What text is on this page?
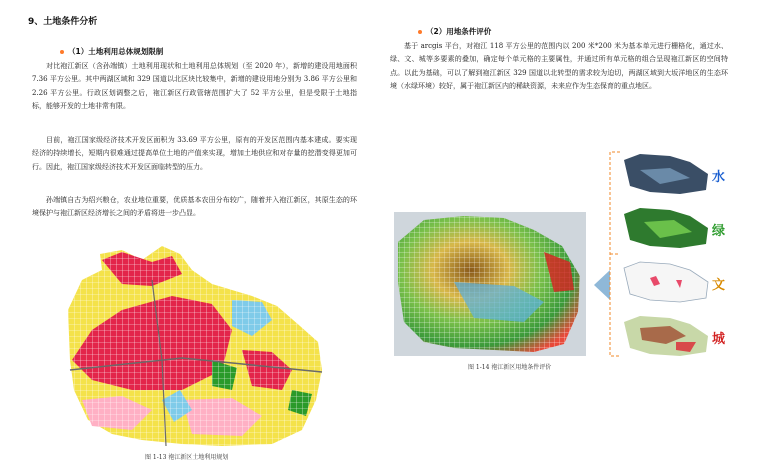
9、土地条件分析
（1）土地利用总体规划限制
对比袍江新区（含孙端镇）土地利用现状和土地利用总体规划（至 2020 年），新增的建设用地面积 7.36 平方公里。其中两湖区域和 329 国道以北区块比较集中，新增的建设用地分别为 3.86 平方公里和 2.26 平方公里。行政区划调整之后，袍江新区行政管辖范围扩大了 52 平方公里，但是受限于土地指标，能够开发的土地非常有限。
目前，袍江国家级经济技术开发区面积为 33.69 平方公里，原有的开发区范围内基本建成。要实现经济的持续增长，短期内很难通过提高单位土地的产值来实现，增加土地供应和对存量的挖潜变得更加可行。因此，袍江国家级经济技术开发区面临转型的压力。
孙端镇自古为绍兴粮仓，农业地位重要，优质基本农田分布较广，随着并入袍江新区，其原生态的环境保护与袍江新区经济增长之间的矛盾将进一步凸显。
图 1-13 袍江新区土地利用规划
（2）用地条件评价
基于 arcgis 平台，对袍江 118 平方公里的范围内以 200 米*200 米为基本单元进行栅格化，通过水、绿、文、城等多要素的叠加，确定每个单元格的主要属性，并通过所有单元格的组合呈现袍江新区的空间特点。以此为基础，可以了解到袍江新区 329 国道以北转型的需求较为迫切，两湖区域到大坂洋地区的生态环境（水绿环境）较好，属于袍江新区内的稀缺资源，未来应作为生态保育的重点地区。
图 1-14 袍江新区用地条件评价
水
绿
文
城
